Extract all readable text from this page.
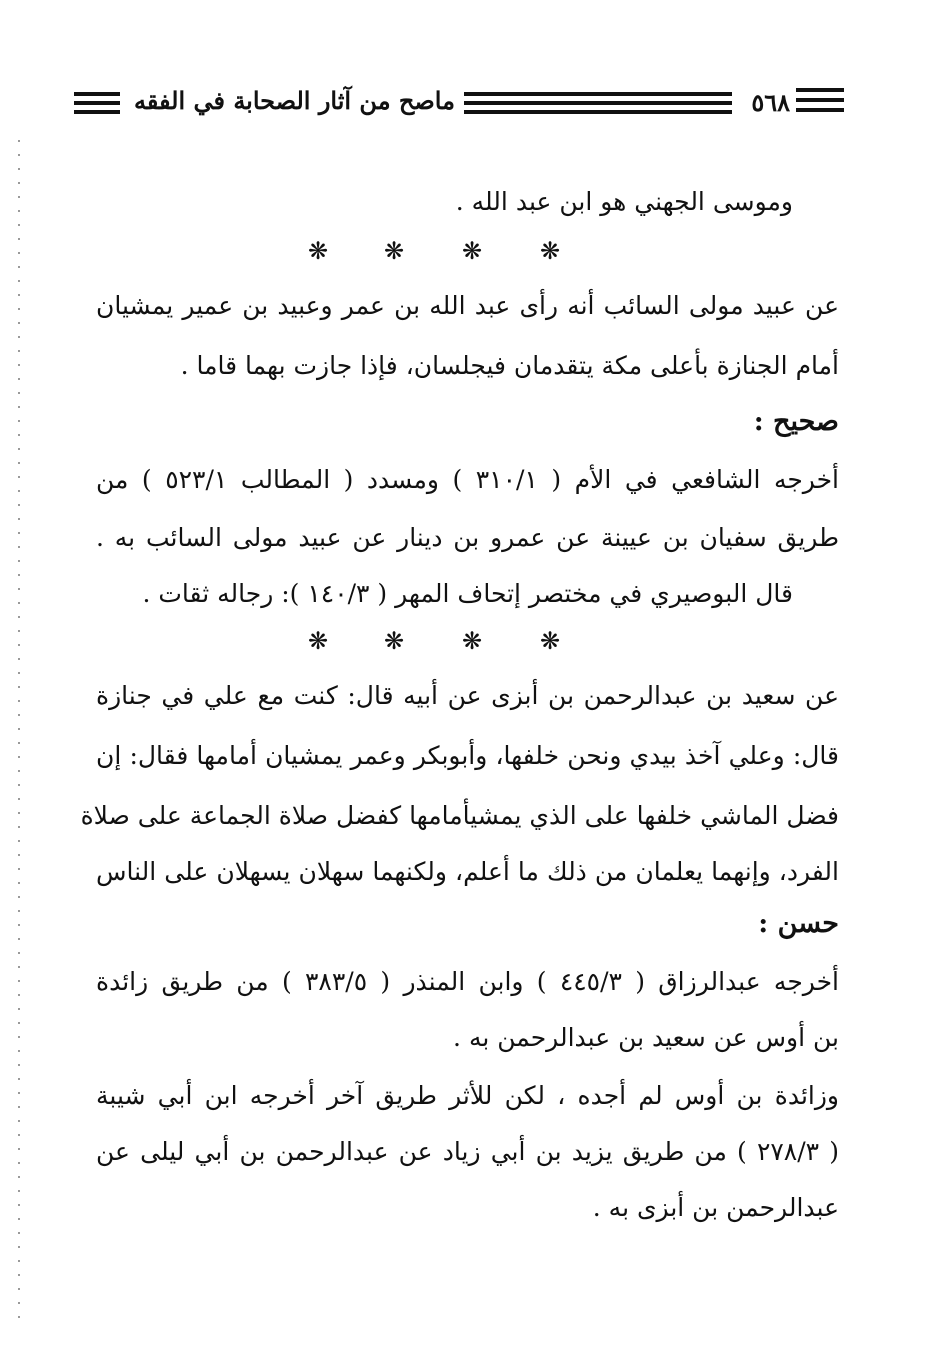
٥٦٨
ماصح من آثار الصحابة في الفقه
وموسى الجهني هو ابن عبد الله .
❋ ❋ ❋ ❋
عن عبيد مولى السائب أنه رأى عبد الله بن عمر وعبيد بن عمير يمشيان
أمام الجنازة بأعلى مكة يتقدمان فيجلسان، فإذا جازت بهما قاما .
صحيح :
أخرجه الشافعي في الأم ( ٣١٠/١ ) ومسدد ( المطالب ٥٢٣/١ ) من
طريق سفيان بن عيينة عن عمرو بن دينار عن عبيد مولى السائب به .
قال البوصيري في مختصر إتحاف المهر ( ١٤٠/٣ ): رجاله ثقات .
❋ ❋ ❋ ❋
عن سعيد بن عبدالرحمن بن أبزى عن أبيه قال: كنت مع علي في جنازة
قال: وعلي آخذ بيدي ونحن خلفها، وأبوبكر وعمر يمشيان أمامها فقال: إن
فضل الماشي خلفها على الذي يمشيأمامها كفضل صلاة الجماعة على صلاة
الفرد، وإنهما يعلمان من ذلك ما أعلم، ولكنهما سهلان يسهلان على الناس
حسن :
أخرجه عبدالرزاق ( ٤٤٥/٣ ) وابن المنذر ( ٣٨٣/٥ ) من طريق زائدة
بن أوس عن سعيد بن عبدالرحمن به .
وزائدة بن أوس لم أجده ، لكن للأثر طريق آخر أخرجه ابن أبي شيبة
( ٢٧٨/٣ ) من طريق يزيد بن أبي زياد عن عبدالرحمن بن أبي ليلى عن
عبدالرحمن بن أبزى به .
